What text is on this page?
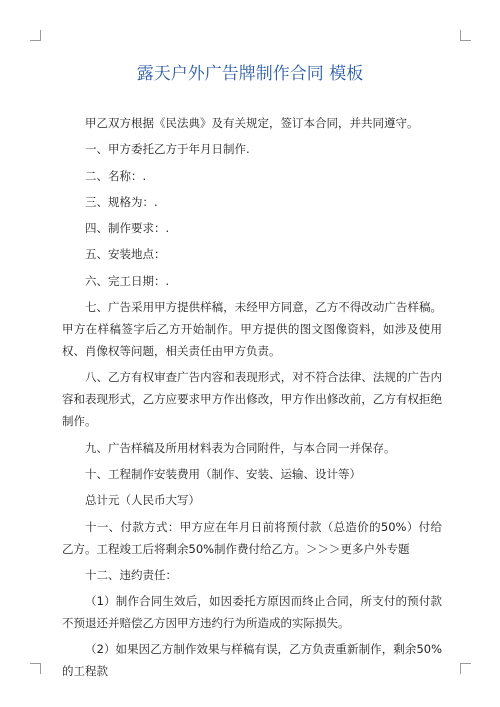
露天户外广告牌制作合同 模板

甲乙双方根据《民法典》及有关规定，签订本合同，并共同遵守。

一、甲方委托乙方于年月日制作.

二、名称：.

三、规格为：.

四、制作要求：.

五、安装地点：

六、完工日期：.

七、广告采用甲方提供样稿，未经甲方同意，乙方不得改动广告样稿。甲方在样稿签字后乙方开始制作。甲方提供的图文图像资料，如涉及使用权、肖像权等问题，相关责任由甲方负责。

八、乙方有权审查广告内容和表现形式，对不符合法律、法规的广告内容和表现形式，乙方应要求甲方作出修改，甲方作出修改前，乙方有权拒绝制作。

九、广告样稿及所用材料表为合同附件，与本合同一并保存。

十、工程制作安装费用（制作、安装、运输、设计等）

总计元（人民币大写）

十一、付款方式：甲方应在年月日前将预付款（总造价的50%）付给乙方。工程竣工后将剩余50%制作费付给乙方。＞＞＞更多户外专题

十二、违约责任：

（1）制作合同生效后，如因委托方原因而终止合同，所支付的预付款不预退还并赔偿乙方因甲方违约行为所造成的实际损失。

（2）如果因乙方制作效果与样稿有误，乙方负责重新制作，剩余50%的工程款
